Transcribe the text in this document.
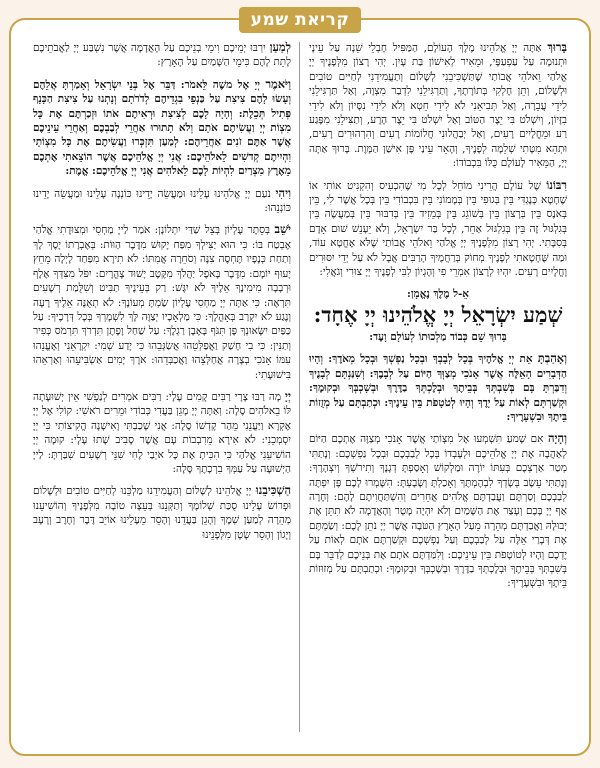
קריאת שמע

בָּרוּךְ אַתָּה יְיָ אֱלֹהֵינוּ מֶלֶךְ הָעוֹלָם, הַמַּפִּיל חֶבְלֵי שֵׁנָה עַל עֵינָי וּתְנוּמָה עַל עַפְעַפָּי, וּמֵאִיר לְאִישׁוֹן בַּת עָיִן. יְהִי רָצוֹן מִלְּפָנֶיךָ יְיָ אֱלֹהַי וֵאלֹהֵי אֲבוֹתַי שֶׁתַּשְׁכִּיבֵנִי לְשָׁלוֹם וְתַעֲמִידֵנִי לְחַיִּים טוֹבִים וּלְשָׁלוֹם, וְתֵן חֶלְקִי בְּתוֹרָתֶךָ, וְתַרְגִּילֵנִי לִדְבַר מִצְוָה, וְאַל תַּרְגִּילֵנִי לִידֵי עֲבֵרָה, וְאַל תְּבִיאֵנִי לֹא לִידֵי חֵטְא וְלֹא לִידֵי נִסָּיוֹן וְלֹא לִידֵי בִזָּיוֹן, וְיִשְׁלֹט בִּי יֵצֶר הַטּוֹב וְאַל יִשְׁלֹט בִּי יֵצֶר הָרָע, וְתַצִּילֵנִי מִפֶּגַע רַע וּמֵחֳלָיִים רָעִים, וְאַל יְבַהֲלוּנִי חֲלוֹמוֹת רָעִים וְהִרְהוּרִים רָעִים, וּתְהֵא מִטָּתִי שְׁלֵמָה לְפָנֶיךָ, וְהָאֵר עֵינַי פֶּן אִישַׁן הַמָּוֶת. בָּרוּךְ אַתָּה יְיָ, הַמֵּאִיר לָעוֹלָם כֻּלּוֹ בִּכְבוֹדוֹ:

רִבּוֹנוֹ שֶׁל עוֹלָם הֲרֵינִי מוֹחֵל לְכָל מִי שֶׁהִכְעִיס וְהִקְנִיט אוֹתִי אוֹ שֶׁחָטָא כְּנֶגְדִּי בֵּין בְּגוּפִי בֵּין בְּמָמוֹנִי בֵּין בִּכְבוֹדִי בֵּין בְּכָל אֲשֶׁר לִי, בֵּין בְּאֹנֶס בֵּין בְּרָצוֹן בֵּין בְּשׁוֹגֵג בֵּין בְּמֵזִיד בֵּין בְּדִבּוּר בֵּין בְּמַעֲשֶׂה בֵּין בְּגִלְגּוּל זֶה בֵּין בְּגִלְגּוּל אַחֵר, לְכָל בַּר יִשְׂרָאֵל, וְלֹא יֵעָנֵשׁ שׁוּם אָדָם בְּסִבָּתִי. יְהִי רָצוֹן מִלְּפָנֶיךָ יְיָ אֱלֹהַי וֵאלֹהֵי אֲבוֹתַי שֶׁלֹּא אֶחֱטָא עוֹד, וּמַה שֶּׁחָטָאתִי לְפָנֶיךָ מְחוֹק בְּרַחֲמֶיךָ הָרַבִּים אֲבָל לֹא עַל יְדֵי יִסּוּרִים וָחֳלָיִים רָעִים. יִהְיוּ לְרָצוֹן אִמְרֵי פִי וְהֶגְיוֹן לִבִּי לְפָנֶיךָ יְיָ צוּרִי וְגֹאֲלִי:

אֵ-ל מֶלֶךְ נֶאֱמָן:

שְׁמַע יִשְׂרָאֵל יְיָ אֱלֹהֵינוּ יְיָ אֶחָד:

בָּרוּךְ שֵׁם כְּבוֹד מַלְכוּתוֹ לְעוֹלָם וָעֶד:

וְאָהַבְתָּ אֵת יְיָ אֱלֹהֶיךָ בְּכָל לְבָבְךָ וּבְכָל נַפְשְׁךָ וּבְכָל מְאֹדֶךָ: וְהָיוּ הַדְּבָרִים הָאֵלֶּה אֲשֶׁר אָנֹכִי מְצַוְּךָ הַיּוֹם עַל לְבָבֶךָ: וְשִׁנַּנְתָּם לְבָנֶיךָ וְדִבַּרְתָּ בָּם בְּשִׁבְתְּךָ בְּבֵיתֶךָ וּבְלֶכְתְּךָ בַדֶּרֶךְ וּבְשָׁכְבְּךָ וּבְקוּמֶךָ: וּקְשַׁרְתָּם לְאוֹת עַל יָדֶךָ וְהָיוּ לְטֹטָפֹת בֵּין עֵינֶיךָ: וּכְתַבְתָּם עַל מְזֻזוֹת בֵּיתֶךָ וּבִשְׁעָרֶיךָ:

וְהָיָה אִם שָׁמֹעַ תִּשְׁמְעוּ אֶל מִצְוֹתַי אֲשֶׁר אָנֹכִי מְצַוֶּה אֶתְכֶם הַיּוֹם לְאַהֲבָה אֶת יְיָ אֱלֹהֵיכֶם וּלְעָבְדוֹ בְּכָל לְבַבְכֶם וּבְכָל נַפְשְׁכֶם: וְנָתַתִּי מְטַר אַרְצְכֶם בְּעִתּוֹ יוֹרֶה וּמַלְקוֹשׁ וְאָסַפְתָּ דְגָנֶךָ וְתִירֹשְׁךָ וְיִצְהָרֶךָ: וְנָתַתִּי עֵשֶׂב בְּשָׂדְךָ לִבְהֶמְתֶּךָ וְאָכַלְתָּ וְשָׂבָעְתָּ: הִשָּׁמְרוּ לָכֶם פֶּן יִפְתֶּה לְבַבְכֶם וְסַרְתֶּם וַעֲבַדְתֶּם אֱלֹהִים אֲחֵרִים וְהִשְׁתַּחֲוִיתֶם לָהֶם: וְחָרָה אַף יְיָ בָּכֶם וְעָצַר אֶת הַשָּׁמַיִם וְלֹא יִהְיֶה מָטָר וְהָאֲדָמָה לֹא תִתֵּן אֶת יְבוּלָהּ וַאֲבַדְתֶּם מְהֵרָה מֵעַל הָאָרֶץ הַטֹּבָה אֲשֶׁר יְיָ נֹתֵן לָכֶם: וְשַׂמְתֶּם אֶת דְּבָרַי אֵלֶּה עַל לְבַבְכֶם וְעַל נַפְשְׁכֶם וּקְשַׁרְתֶּם אֹתָם לְאוֹת עַל יֶדְכֶם וְהָיוּ לְטוֹטָפֹת בֵּין עֵינֵיכֶם: וְלִמַּדְתֶּם אֹתָם אֶת בְּנֵיכֶם לְדַבֵּר בָּם בְּשִׁבְתְּךָ בְּבֵיתֶךָ וּבְלֶכְתְּךָ בַדֶּרֶךְ וּבְשָׁכְבְּךָ וּבְקוּמֶךָ: וּכְתַבְתָּם עַל מְזוּזוֹת בֵּיתֶךָ וּבִשְׁעָרֶיךָ:

לְמַעַן יִרְבּוּ יְמֵיכֶם וִימֵי בְנֵיכֶם עַל הָאֲדָמָה אֲשֶׁר נִשְׁבַּע יְיָ לַאֲבֹתֵיכֶם לָתֵת לָהֶם כִּימֵי הַשָּׁמַיִם עַל הָאָרֶץ:

וַיֹּאמֶר יְיָ אֶל משֶׁה לֵּאמֹר: דַּבֵּר אֶל בְּנֵי יִשְׂרָאֵל וְאָמַרְתָּ אֲלֵהֶם וְעָשׂוּ לָהֶם צִיצִת עַל כַּנְפֵי בִגְדֵיהֶם לְדֹרֹתָם וְנָתְנוּ עַל צִיצִת הַכָּנָף פְּתִיל תְּכֵלֶת: וְהָיָה לָכֶם לְצִיצִת וּרְאִיתֶם אֹתוֹ וּזְכַרְתֶּם אֶת כָּל מִצְוֹת יְיָ וַעֲשִׂיתֶם אֹתָם וְלֹא תָתוּרוּ אַחֲרֵי לְבַבְכֶם וְאַחֲרֵי עֵינֵיכֶם אֲשֶׁר אַתֶּם זֹנִים אַחֲרֵיהֶם: לְמַעַן תִּזְכְּרוּ וַעֲשִׂיתֶם אֶת כָּל מִצְוֹתָי וִהְיִיתֶם קְדשִׁים לֵאלֹהֵיכֶם: אֲנִי יְיָ אֱלֹהֵיכֶם אֲשֶׁר הוֹצֵאתִי אֶתְכֶם מֵאֶרֶץ מִצְרַיִם לִהְיוֹת לָכֶם לֵאלֹהִים אֲנִי יְיָ אֱלֹהֵיכֶם: אֱמֶת:

וִיהִי נֹעַם יְיָ אֱלֹהֵינוּ עָלֵינוּ וּמַעֲשֵׂה יָדֵינוּ כּוֹנְנָה עָלֵינוּ וּמַעֲשֵׂה יָדֵינוּ כּוֹנְנֵהוּ:

יֹשֵׁב בְּסֵתֶר עֶלְיוֹן בְּצֵל שַׁדַּי יִתְלוֹנָן: אֹמַר לַייָ מַחְסִי וּמְצוּדָתִי אֱלֹהַי אֶבְטַח בּוֹ: כִּי הוּא יַצִּילְךָ מִפַּח יָקוּשׁ מִדֶּבֶר הַוּוֹת: בְּאֶבְרָתוֹ יָסֶךְ לָךְ וְתַחַת כְּנָפָיו תֶּחְסֶה צִנָּה וְסֹחֵרָה אֲמִתּוֹ: לֹא תִירָא מִפַּחַד לָיְלָה מֵחֵץ יָעוּף יוֹמָם: מִדֶּבֶר בָּאֹפֶל יַהֲלֹךְ מִקֶּטֶב יָשׁוּד צָהֳרָיִם: יִפֹּל מִצִּדְּךָ אֶלֶף וּרְבָבָה מִימִינֶךָ אֵלֶיךָ לֹא יִגָּשׁ: רַק בְּעֵינֶיךָ תַבִּיט וְשִׁלֻּמַת רְשָׁעִים תִּרְאֶה: כִּי אַתָּה יְיָ מַחְסִי עֶלְיוֹן שַׂמְתָּ מְעוֹנֶךָ: לֹא תְאֻנֶּה אֵלֶיךָ רָעָה וְנֶגַע לֹא יִקְרַב בְּאָהֳלֶךָ: כִּי מַלְאָכָיו יְצַוֶּה לָּךְ לִשְׁמָרְךָ בְּכָל דְּרָכֶיךָ: עַל כַּפַּיִם יִשָּׂאוּנְךָ פֶּן תִּגֹּף בָּאֶבֶן רַגְלֶךָ: עַל שַׁחַל וָפֶתֶן תִּדְרֹךְ תִּרְמֹס כְּפִיר וְתַנִּין: כִּי בִי חָשַׁק וַאֲפַלְּטֵהוּ אֲשַׂגְּבֵהוּ כִּי יָדַע שְׁמִי: יִקְרָאֵנִי וְאֶעֱנֵהוּ עִמּוֹ אָנֹכִי בְצָרָה אֲחַלְּצֵהוּ וַאֲכַבְּדֵהוּ: אֹרֶךְ יָמִים אַשְׂבִּיעֵהוּ וְאַרְאֵהוּ בִּישׁוּעָתִי:

יְיָ מָה רַבּוּ צָרָי רַבִּים קָמִים עָלָי: רַבִּים אֹמְרִים לְנַפְשִׁי אֵין יְשׁוּעָתָה לּוֹ בֵאלֹהִים סֶלָה: וְאַתָּה יְיָ מָגֵן בַּעֲדִי כְּבוֹדִי וּמֵרִים רֹאשִׁי: קוֹלִי אֶל יְיָ אֶקְרָא וַיַּעֲנֵנִי מֵהַר קָדְשׁוֹ סֶלָה: אֲנִי שָׁכַבְתִּי וָאִישָׁנָה הֱקִיצוֹתִי כִּי יְיָ יִסְמְכֵנִי: לֹא אִירָא מֵרִבְבוֹת עָם אֲשֶׁר סָבִיב שָׁתוּ עָלָי: קוּמָה יְיָ הוֹשִׁיעֵנִי אֱלֹהַי כִּי הִכִּיתָ אֶת כָּל אֹיְבַי לֶחִי שִׁנֵּי רְשָׁעִים שִׁבַּרְתָּ: לַייָ הַיְשׁוּעָה עַל עַמְּךָ בִרְכָתֶךָ סֶּלָה:

הַשְׁכִּיבֵנוּ יְיָ אֱלֹהֵינוּ לְשָׁלוֹם וְהַעֲמִידֵנוּ מַלְכֵּנוּ לְחַיִּים טוֹבִים וּלְשָׁלוֹם וּפְרוֹשׂ עָלֵינוּ סֻכַּת שְׁלוֹמֶךָ וְתַקְּנֵנוּ בְּעֵצָה טוֹבָה מִלְּפָנֶיךָ וְהוֹשִׁיעֵנוּ מְהֵרָה לְמַעַן שְׁמֶךָ וְהָגֵן בַּעֲדֵנוּ וְהָסֵר מֵעָלֵינוּ אוֹיֵב דֶּבֶר וְחֶרֶב וְרָעָב וְיָגוֹן וְהָסֵר שָׂטָן מִלְּפָנֵינוּ
